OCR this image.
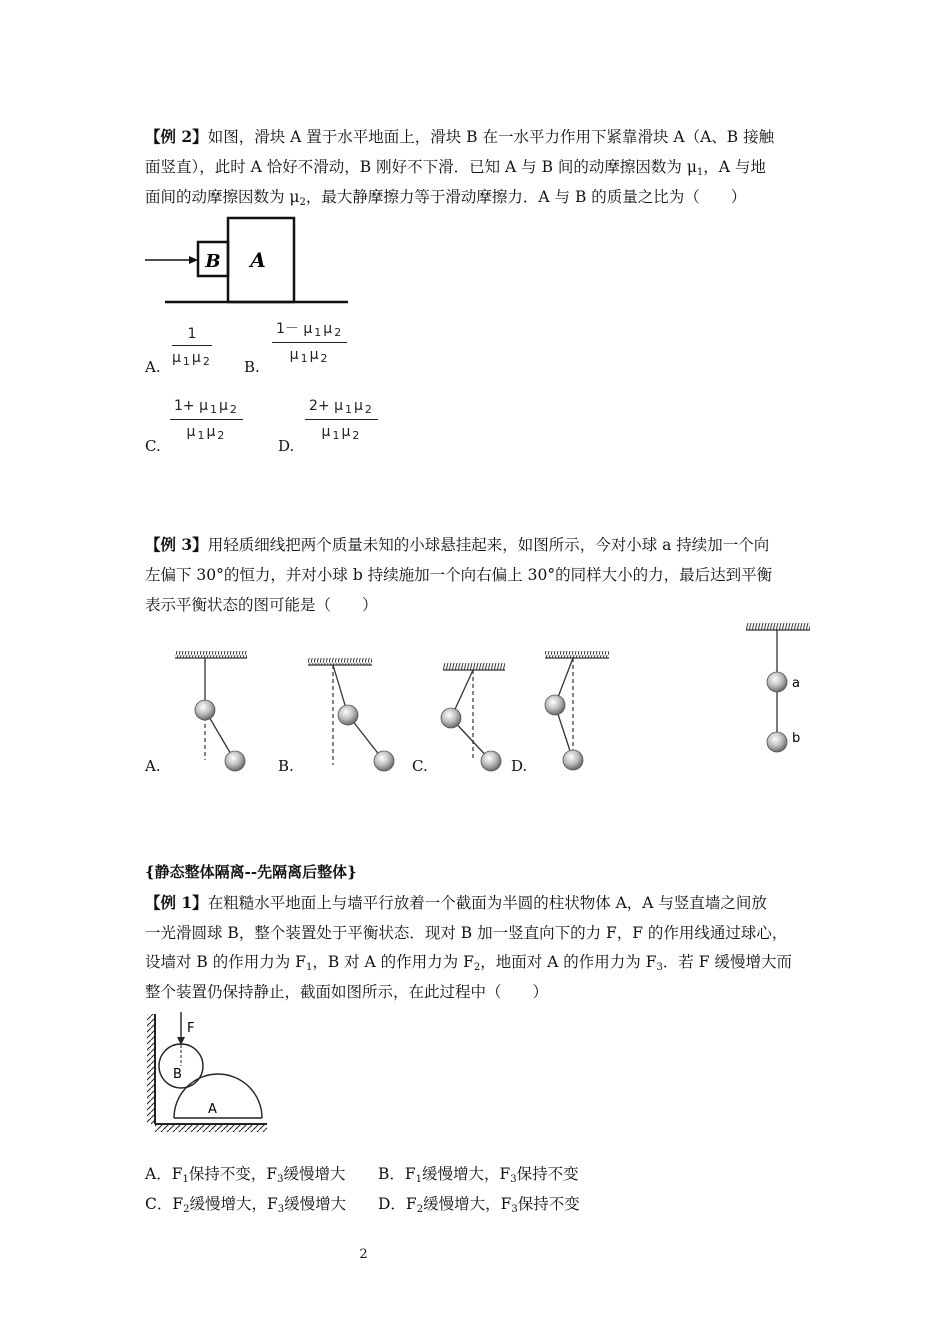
【例 2】如图，滑块 A 置于水平地面上，滑块 B 在一水平力作用下紧靠滑块 A（A、B 接触
面竖直），此时 A 恰好不滑动，B 刚好不下滑．已知 A 与 B 间的动摩擦因数为 $\mu_1$，A 与地
面间的动摩擦因数为 $\mu_2$，最大静摩擦力等于滑动摩擦力．A 与 B 的质量之比为（　　）
B A
A. $\frac{1}{\mu _1 \mu _2} B$.
$\frac{1- \mu _1 \mu _2}{\mu _1 \mu _2}$
C.
$\frac{1+ \mu _1 \mu _2}{\mu _1 \mu _2}$
D.
$\frac{2+ \mu _1 \mu _2}{\mu _1 \mu _2}$
【例 3】用轻质细线把两个质量未知的小球悬挂起来，如图所示，今对小球 a 持续加一个向
左偏下 30°的恒力，并对小球 b 持续施加一个向右偏上 30°的同样大小的力，最后达到平衡
表示平衡状态的图可能是（　　）
a
b
A.	B.	C.	D.
{静态整体隔离--先隔离后整体}
【例 1】在粗糙水平地面上与墙平行放着一个截面为半圆的柱状物体 A，A 与竖直墙之间放
一光滑圆球 B，整个装置处于平衡状态．现对 B 加一竖直向下的力 F，F 的作用线通过球心，
设墙对 B 的作用力为 $F_1$，B 对 A 的作用力为 $F_2$，地面对 A 的作用力为 $F_3$．若 F 缓慢增大而
整个装置仍保持静止，截面如图所示，在此过程中（　　）
F
B
A
A．$F_1$保持不变，$F_3$缓慢增大 B．$F_1$缓慢增大，$F_3$保持不变
C．$F_2$缓慢增大，$F_3$缓慢增大 D．$F_2$缓慢增大，$F_3$保持不变
2
